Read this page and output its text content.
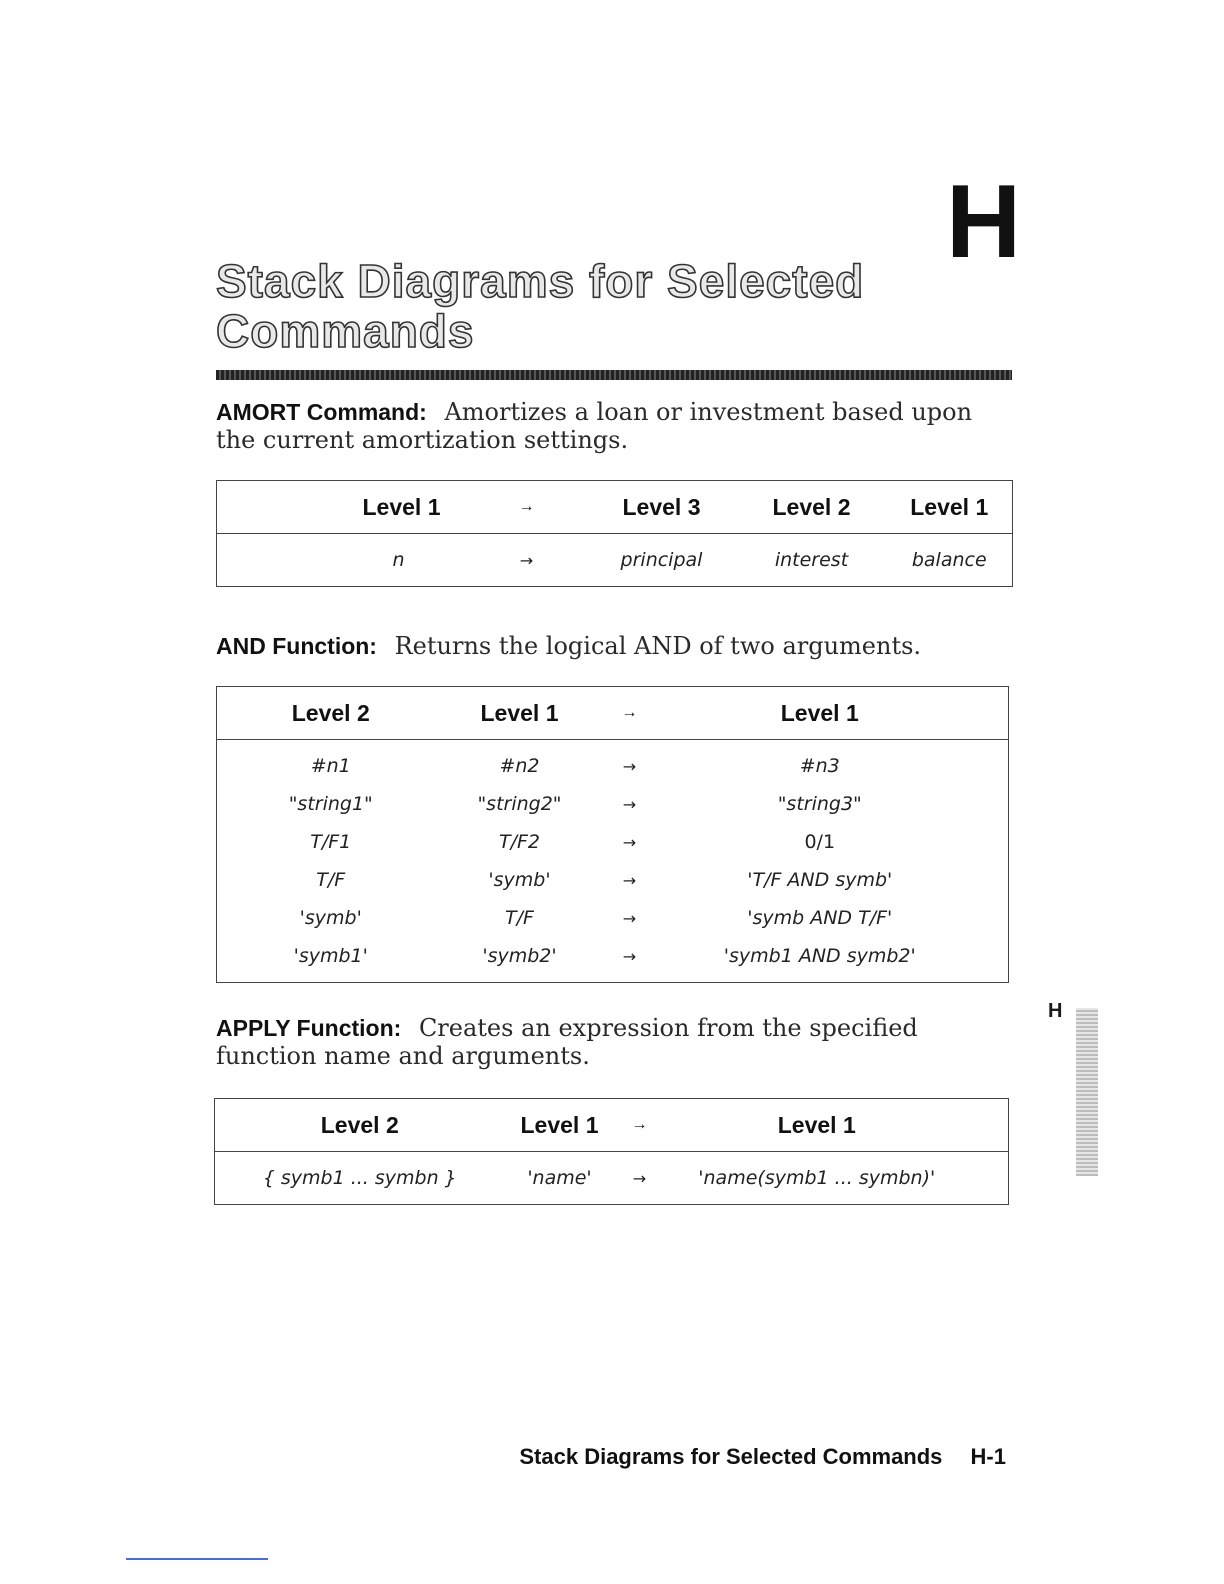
H
Stack Diagrams for Selected
Commands
AMORT Command: Amortizes a loan or investment based upon the current amortization settings.
Level 1	→	Level 3	Level 2	Level 1
n	→	principal	interest	balance
AND Function: Returns the logical AND of two arguments.
Level 2	Level 1	→	Level 1
#n1	#n2	→	#n3
"string1"	"string2"	→	"string3"
T/F1	T/F2	→	0/1
T/F	'symb'	→	'T/F AND symb'
'symb'	T/F	→	'symb AND T/F'
'symb1'	'symb2'	→	'symb1 AND symb2'
APPLY Function: Creates an expression from the specified function name and arguments.
Level 2	Level 1	→	Level 1
{ symb1 ... symbn }	'name'	→	'name(symb1 ... symbn)'
H
Stack Diagrams for Selected Commands H-1
